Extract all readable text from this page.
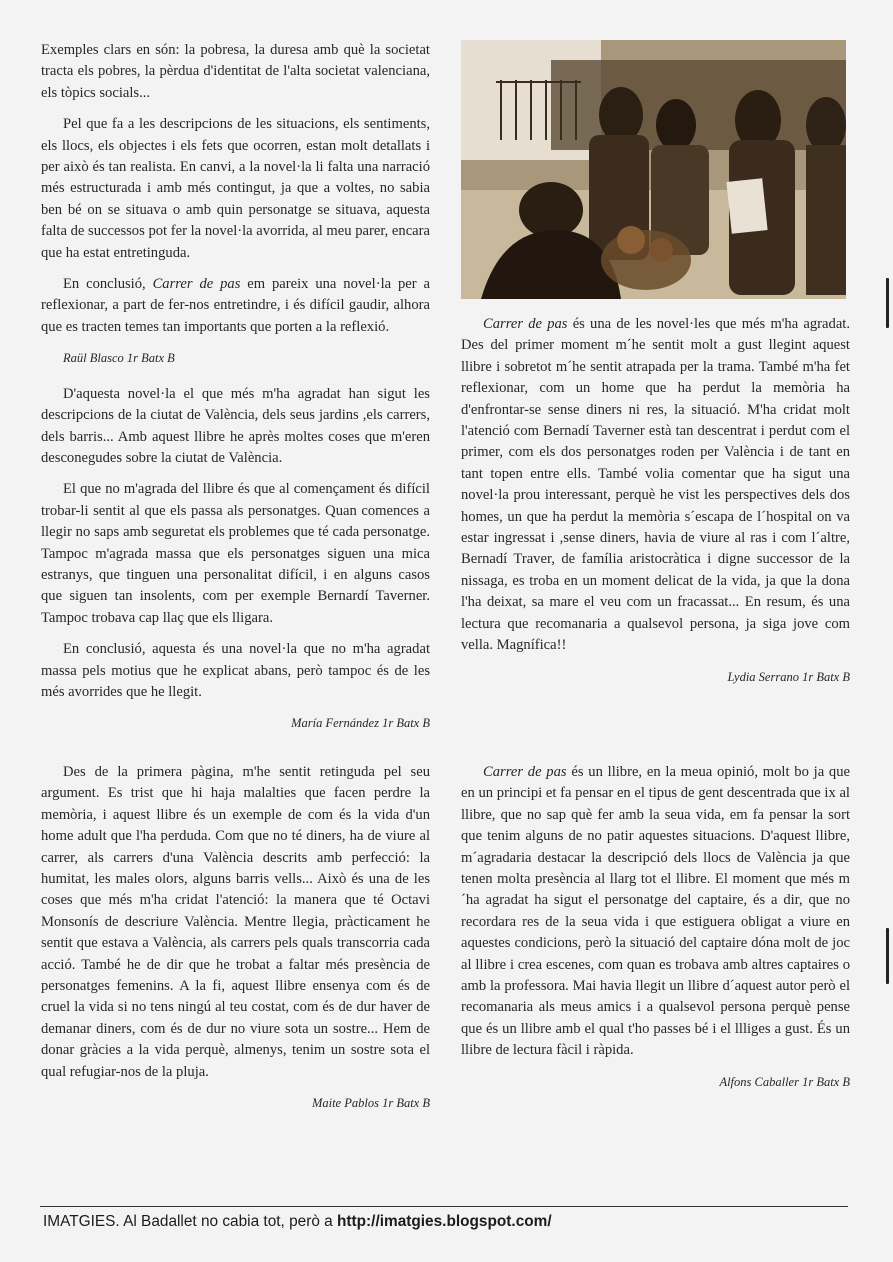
Exemples clars en són: la pobresa, la duresa amb què la societat tracta els pobres, la pèrdua d'identitat de l'alta societat valenciana, els tòpics socials...

Pel que fa a les descripcions de les situacions, els sentiments, els llocs, els objectes i els fets que ocorren, estan molt detallats i per això és tan realista. En canvi, a la novel·la li falta una narració més estructurada i amb més contingut, ja que a voltes, no sabia ben bé on se situava o amb quin personatge se situava, aquesta falta de successos pot fer la novel·la avorrida, al meu parer, encara que ha estat entretinguda.

En conclusió, Carrer de pas em pareix una novel·la per a reflexionar, a part de fer-nos entretindre, i és difícil gaudir, alhora que es tracten temes tan importants que porten a la reflexió.

Raül Blasco 1r Batx B

D'aquesta novel·la el que més m'ha agradat han sigut les descripcions de la ciutat de València, dels seus jardins ,els carrers, dels barris... Amb aquest llibre he après moltes coses que m'eren desconegudes sobre la ciutat de València.

El que no m'agrada del llibre és que al començament és difícil trobar-li sentit al que els passa als personatges. Quan comences a llegir no saps amb seguretat els problemes que té cada personatge. Tampoc m'agrada massa que els personatges siguen una mica estranys, que tinguen una personalitat difícil, i en alguns casos que siguen tan insolents, com per exemple Bernardí Taverner. Tampoc trobava cap llaç que els lligara.

En conclusió, aquesta és una novel·la que no m'ha agradat massa pels motius que he explicat abans, però tampoc és de les més avorrides que he llegit.

María Fernández 1r Batx B

Carrer de pas és una de les novel·les que més m'ha agradat. Des del primer moment m´he sentit molt a gust llegint aquest llibre i sobretot m´he sentit atrapada per la trama. També m'ha fet reflexionar, com un home que ha perdut la memòria ha d'enfrontar-se sense diners ni res, la situació. M'ha cridat molt l'atenció com Bernadí Taverner està tan descentrat i perdut com el primer, com els dos personatges roden per València i de tant en tant topen entre ells. També volia comentar que ha sigut una novel·la prou interessant, perquè he vist les perspectives dels dos homes, un que ha perdut la memòria s´escapa de l´hospital on va estar ingressat i ,sense diners, havia de viure al ras i com l´altre, Bernadí Traver, de família aristocràtica i digne successor de la nissaga, es troba en un moment delicat de la vida, ja que la dona l'ha deixat, sa mare el veu com un fracassat... En resum, és una lectura que recomanaria a qualsevol persona, ja siga jove com vella. Magnífica!!

Lydia Serrano 1r Batx B

Des de la primera pàgina, m'he sentit retinguda pel seu argument. Es trist que hi haja malalties que facen perdre la memòria, i aquest llibre és un exemple de com és la vida d'un home adult que l'ha perduda. Com que no té diners, ha de viure al carrer, als carrers d'una València descrits amb perfecció: la humitat, les males olors, alguns barris vells... Això és una de les coses que més m'ha cridat l'atenció: la manera que té Octavi Monsonís de descriure València. Mentre llegia, pràcticament he sentit que estava a València, als carrers pels quals transcorria cada acció. També he de dir que he trobat a faltar més presència de personatges femenins. A la fi, aquest llibre ensenya com és de cruel la vida si no tens ningú al teu costat, com és de dur haver de demanar diners, com és de dur no viure sota un sostre... Hem de donar gràcies a la vida perquè, almenys, tenim un sostre sota el qual refugiar-nos de la pluja.

Maite Pablos 1r Batx B

Carrer de pas és un llibre, en la meua opinió, molt bo ja que en un principi et fa pensar en el tipus de gent descentrada que ix al llibre, que no sap què fer amb la seua vida, em fa pensar la sort que tenim alguns de no patir aquestes situacions. D'aquest llibre, m´agradaria destacar la descripció dels llocs de València ja que tenen molta presència al llarg tot el llibre. El moment que més m´ha agradat ha sigut el personatge del captaire, és a dir, que no recordara res de la seua vida i que estiguera obligat a viure en aquestes condicions, però la situació del captaire dóna molt de joc al llibre i crea escenes, com quan es trobava amb altres captaires o amb la professora. Mai havia llegit un llibre d´aquest autor però el recomanaria als meus amics i a qualsevol persona perquè pense que és un llibre amb el qual t'ho passes bé i el llliges a gust. És un llibre de lectura fàcil i ràpida.

Alfons Caballer 1r Batx B

IMATGIES. Al Badallet no cabia tot, però a http://imatgies.blogspot.com/
